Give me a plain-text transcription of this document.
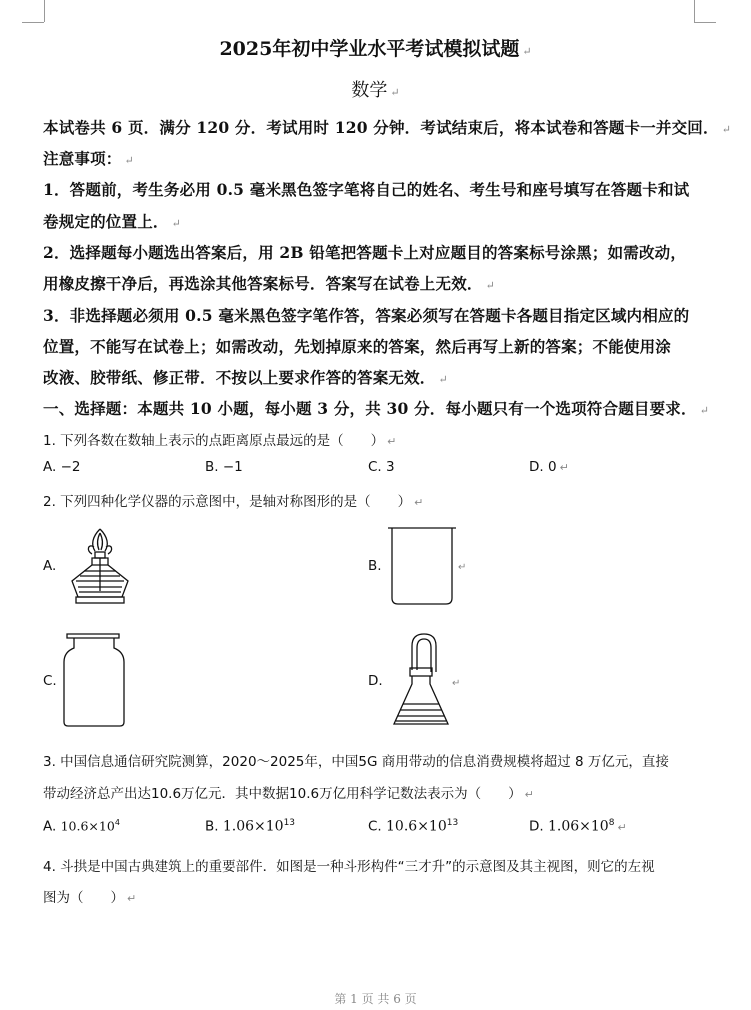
2025年初中学业水平考试模拟试题 ↵
数学 ↵
本试卷共 6 页．满分 120 分．考试用时 120 分钟．考试结束后，将本试卷和答题卡一并交回． ↵
注意事项： ↵
1．答题前，考生务必用 0.5 毫米黑色签字笔将自己的姓名、考生号和座号填写在答题卡和试
卷规定的位置上． ↵
2．选择题每小题选出答案后，用 2B 铅笔把答题卡上对应题目的答案标号涂黑；如需改动，
用橡皮擦干净后，再选涂其他答案标号．答案写在试卷上无效． ↵
3．非选择题必须用 0.5 毫米黑色签字笔作答，答案必须写在答题卡各题目指定区域内相应的
位置，不能写在试卷上；如需改动，先划掉原来的答案，然后再写上新的答案；不能使用涂
改液、胶带纸、修正带．不按以上要求作答的答案无效． ↵
一、选择题：本题共 10 小题，每小题 3 分，共 30 分．每小题只有一个选项符合题目要求． ↵
1. 下列各数在数轴上表示的点距离原点最远的是（　　） ↵
A. −2	B. −1	C. 3	D. 0 ↵
2. 下列四种化学仪器的示意图中，是轴对称图形的是（　　） ↵
A.	B.	↵
C.	D.	↵
3. 中国信息通信研究院测算，2020～2025年，中国5G 商用带动的信息消费规模将超过 8 万亿元，直接
带动经济总产出达10.6万亿元．其中数据10.6万亿用科学记数法表示为（　　） ↵
A. $10.6\times 10^4$	B. $1.06\times 10^{13}$	C. $10.6\times 10^{13}$	D. $1.06\times 10^8$ ↵
4. 斗拱是中国古典建筑上的重要部件．如图是一种斗形构件“三才升”的示意图及其主视图，则它的左视
图为（　　） ↵
第 1 页 共 6 页
